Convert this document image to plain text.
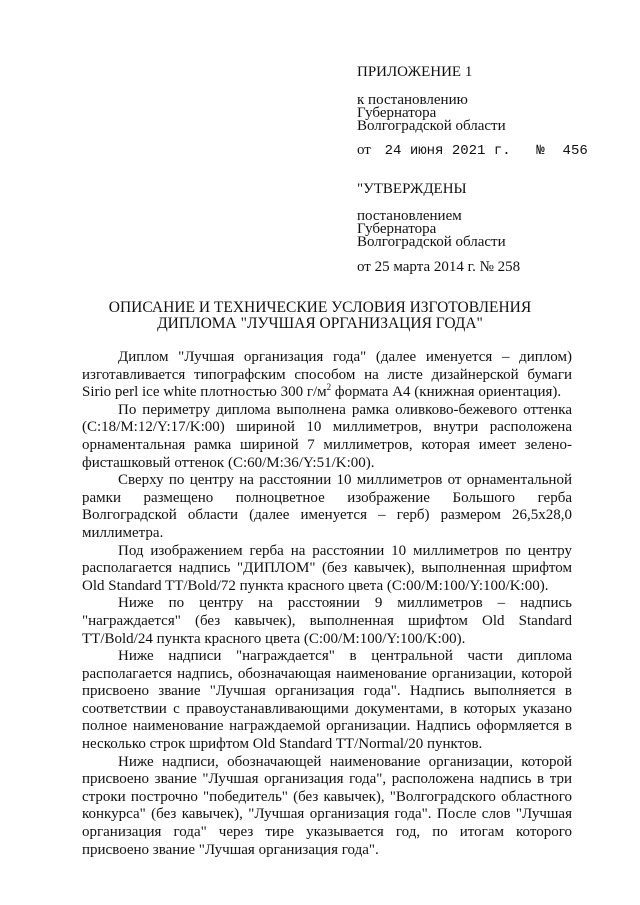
ПРИЛОЖЕНИЕ 1
к постановлению
Губернатора
Волгоградской области
от 24 июня 2021 г. № 456
"УТВЕРЖДЕНЫ
постановлением
Губернатора
Волгоградской области
от 25 марта 2014 г. № 258
ОПИСАНИЕ И ТЕХНИЧЕСКИЕ УСЛОВИЯ ИЗГОТОВЛЕНИЯ
ДИПЛОМА "ЛУЧШАЯ ОРГАНИЗАЦИЯ ГОДА"

Диплом "Лучшая организация года" (далее именуется – диплом) изготавливается типографским способом на листе дизайнерской бумаги Sirio perl ice white плотностью 300 $г/м^2$ формата А4 (книжная ориентация).

По периметру диплома выполнена рамка оливково-бежевого оттенка (C:18/M:12/Y:17/K:00) шириной 10 миллиметров, внутри расположена орнаментальная рамка шириной 7 миллиметров, которая имеет зелено-фисташковый оттенок (C:60/M:36/Y:51/K:00).

Сверху по центру на расстоянии 10 миллиметров от орнаментальной рамки размещено полноцветное изображение Большого герба Волгоградской области (далее именуется – герб) размером 26,5х28,0 миллиметра.

Под изображением герба на расстоянии 10 миллиметров по центру располагается надпись "ДИПЛОМ" (без кавычек), выполненная шрифтом Old Standard TT/Bold/72 пункта красного цвета (C:00/M:100/Y:100/K:00).

Ниже по центру на расстоянии 9 миллиметров – надпись "награждается" (без кавычек), выполненная шрифтом Old Standard TT/Bold/24 пункта красного цвета (C:00/M:100/Y:100/K:00).

Ниже надписи "награждается" в центральной части диплома располагается надпись, обозначающая наименование организации, которой присвоено звание "Лучшая организация года". Надпись выполняется в соответствии с правоустанавливающими документами, в которых указано полное наименование награждаемой организации. Надпись оформляется в несколько строк шрифтом Old Standard TT/Normal/20 пунктов.

Ниже надписи, обозначающей наименование организации, которой присвоено звание "Лучшая организация года", расположена надпись в три строки построчно "победитель" (без кавычек), "Волгоградского областного конкурса" (без кавычек), "Лучшая организация года". После слов "Лучшая организация года" через тире указывается год, по итогам которого присвоено звание "Лучшая организация года".
